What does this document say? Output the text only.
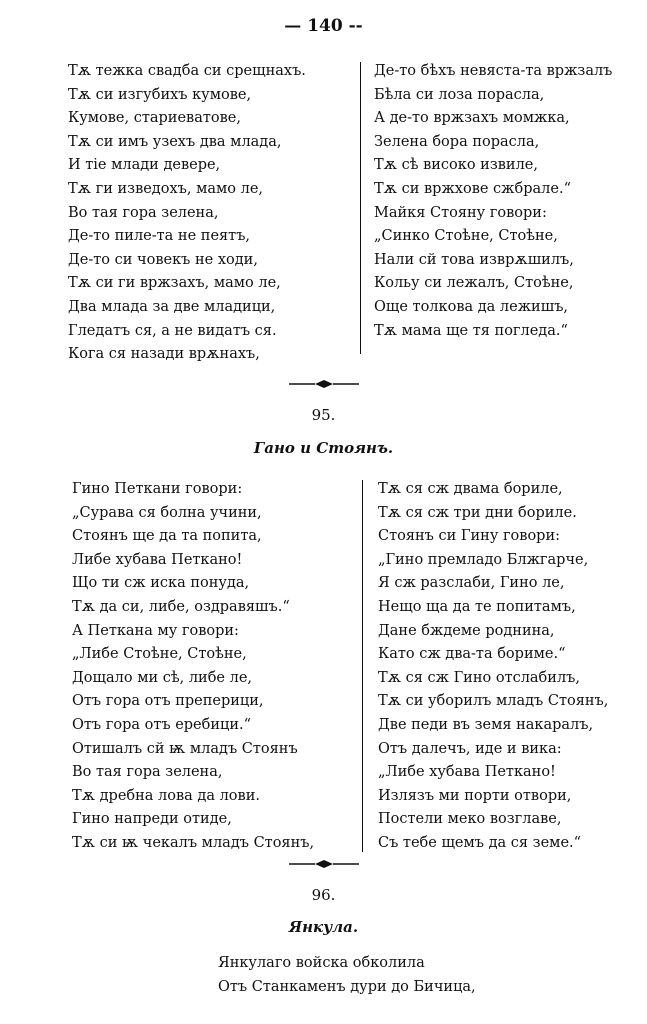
— 140 --
Тѫ тежка свадба си срещнахъ.
Тѫ си изгубихъ кумове,
Кумове, стариеватове,
Тѫ си имъ узехъ два млада,
И тіе млади девере,
Тѫ ги изведохъ, мамо ле,
Во тая гора зелена,
Де-то пиле-та не пеятъ,
Де-то си човекъ не ходи,
Тѫ си ги вржзахъ, мамо ле,
Два млада за две младици,
Гледатъ ся, а не видатъ ся.
Кога ся назади врѫнахъ,
Де-то бѣхъ невяста-та вржзалъ
Бѣла си лоза порасла,
А де-то вржзахъ момжка,
Зелена бора порасла,
Тѫ сѣ високо извиле,
Тѫ си вржхове сжбрале.“
Майкя Стояну говори:
„Синко Стоѣне, Стоѣне,
Нали сй това изврѫшилъ,
Кольу си лежалъ, Стоѣне,
Още толкова да лежишъ,
Тѫ мама ще тя погледа.“
95.
Гано и Стоянъ.
Гино Петкани говори:
„Сурава ся болна учини,
Стоянъ ще да та попита,
Либе хубава Петкано!
Що ти сж иска понуда,
Тѫ да си, либе, оздравяшъ.“
А Петкана му говори:
„Либе Стоѣне, Стоѣне,
Дощало ми сѣ, либе ле,
Отъ гора отъ преперици,
Отъ гора отъ еребици.“
Отишалъ сй ѭ младъ Стоянъ
Во тая гора зелена,
Тѫ дребна лова да лови.
Гино напреди отиде,
Тѫ си ѭ чекалъ младъ Стоянъ,
Тѫ ся сж двама бориле,
Тѫ ся сж три дни бориле.
Стоянъ си Гину говори:
„Гино премладо Блжгарче,
Я сж разслаби, Гино ле,
Нещо ща да те попитамъ,
Дане бждеме роднина,
Като сж два-та бориме.“
Тѫ ся сж Гино отслабилъ,
Тѫ си уборилъ младъ Стоянъ,
Две педи въ земя накаралъ,
Отъ далечъ, иде и вика:
„Либе хубава Петкано!
Излязъ ми порти отвори,
Постели меко возглаве,
Съ тебе щемъ да ся земе.“
96.
Янкула.
Янкулаго войска обколила
Отъ Станкаменъ дури до Бичица,
